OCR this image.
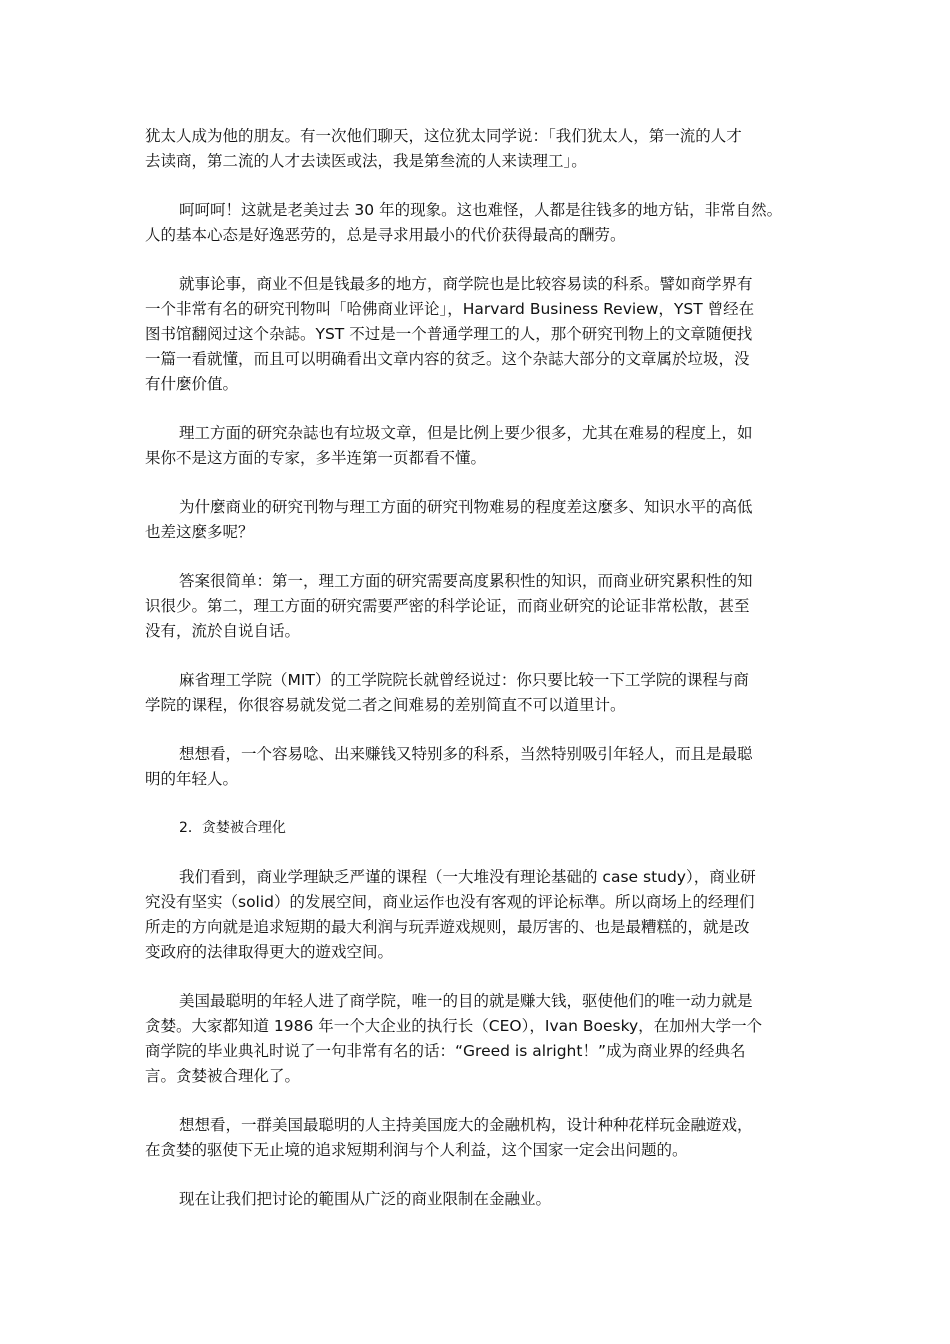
犹太人成为他的朋友。有一次他们聊天，这位犹太同学说：「我们犹太人，第一流的人才
去读商，第二流的人才去读医或法，我是第叁流的人来读理工」。

呵呵呵！这就是老美过去 30 年的现象。这也难怪，人都是往钱多的地方钻，非常自然。
人的基本心态是好逸恶劳的，总是寻求用最小的代价获得最高的酬劳。

就事论事，商业不但是钱最多的地方，商学院也是比较容易读的科系。譬如商学界有
一个非常有名的研究刊物叫「哈佛商业评论」，Harvard Business Review，YST 曾经在
图书馆翻阅过这个杂誌。YST 不过是一个普通学理工的人，那个研究刊物上的文章随便找
一篇一看就懂，而且可以明确看出文章内容的贫乏。这个杂誌大部分的文章属於垃圾，没
有什麼价值。

理工方面的研究杂誌也有垃圾文章，但是比例上要少很多，尤其在难易的程度上，如
果你不是这方面的专家，多半连第一页都看不懂。

为什麼商业的研究刊物与理工方面的研究刊物难易的程度差这麼多、知识水平的高低
也差这麼多呢？

答案很简单：第一，理工方面的研究需要高度累积性的知识，而商业研究累积性的知
识很少。第二，理工方面的研究需要严密的科学论证，而商业研究的论证非常松散，甚至
没有，流於自说自话。

麻省理工学院（MIT）的工学院院长就曾经说过：你只要比较一下工学院的课程与商
学院的课程，你很容易就发觉二者之间难易的差别简直不可以道里计。

想想看，一个容易唸、出来赚钱又特别多的科系，当然特别吸引年轻人，而且是最聪
明的年轻人。

2．贪婪被合理化

我们看到，商业学理缺乏严谨的课程（一大堆没有理论基础的 case study），商业研
究没有坚实（solid）的发展空间，商业运作也没有客观的评论标準。所以商场上的经理们
所走的方向就是追求短期的最大利润与玩弄遊戏规则，最厉害的、也是最糟糕的，就是改
变政府的法律取得更大的遊戏空间。

美国最聪明的年轻人进了商学院，唯一的目的就是赚大钱，驱使他们的唯一动力就是
贪婪。大家都知道 1986 年一个大企业的执行长（CEO），Ivan Boesky，在加州大学一个
商学院的毕业典礼时说了一句非常有名的话：“Greed is alright！”成为商业界的经典名
言。贪婪被合理化了。

想想看，一群美国最聪明的人主持美国庞大的金融机构，设计种种花样玩金融遊戏，
在贪婪的驱使下无止境的追求短期利润与个人利益，这个国家一定会出问题的。

现在让我们把讨论的範围从广泛的商业限制在金融业。
